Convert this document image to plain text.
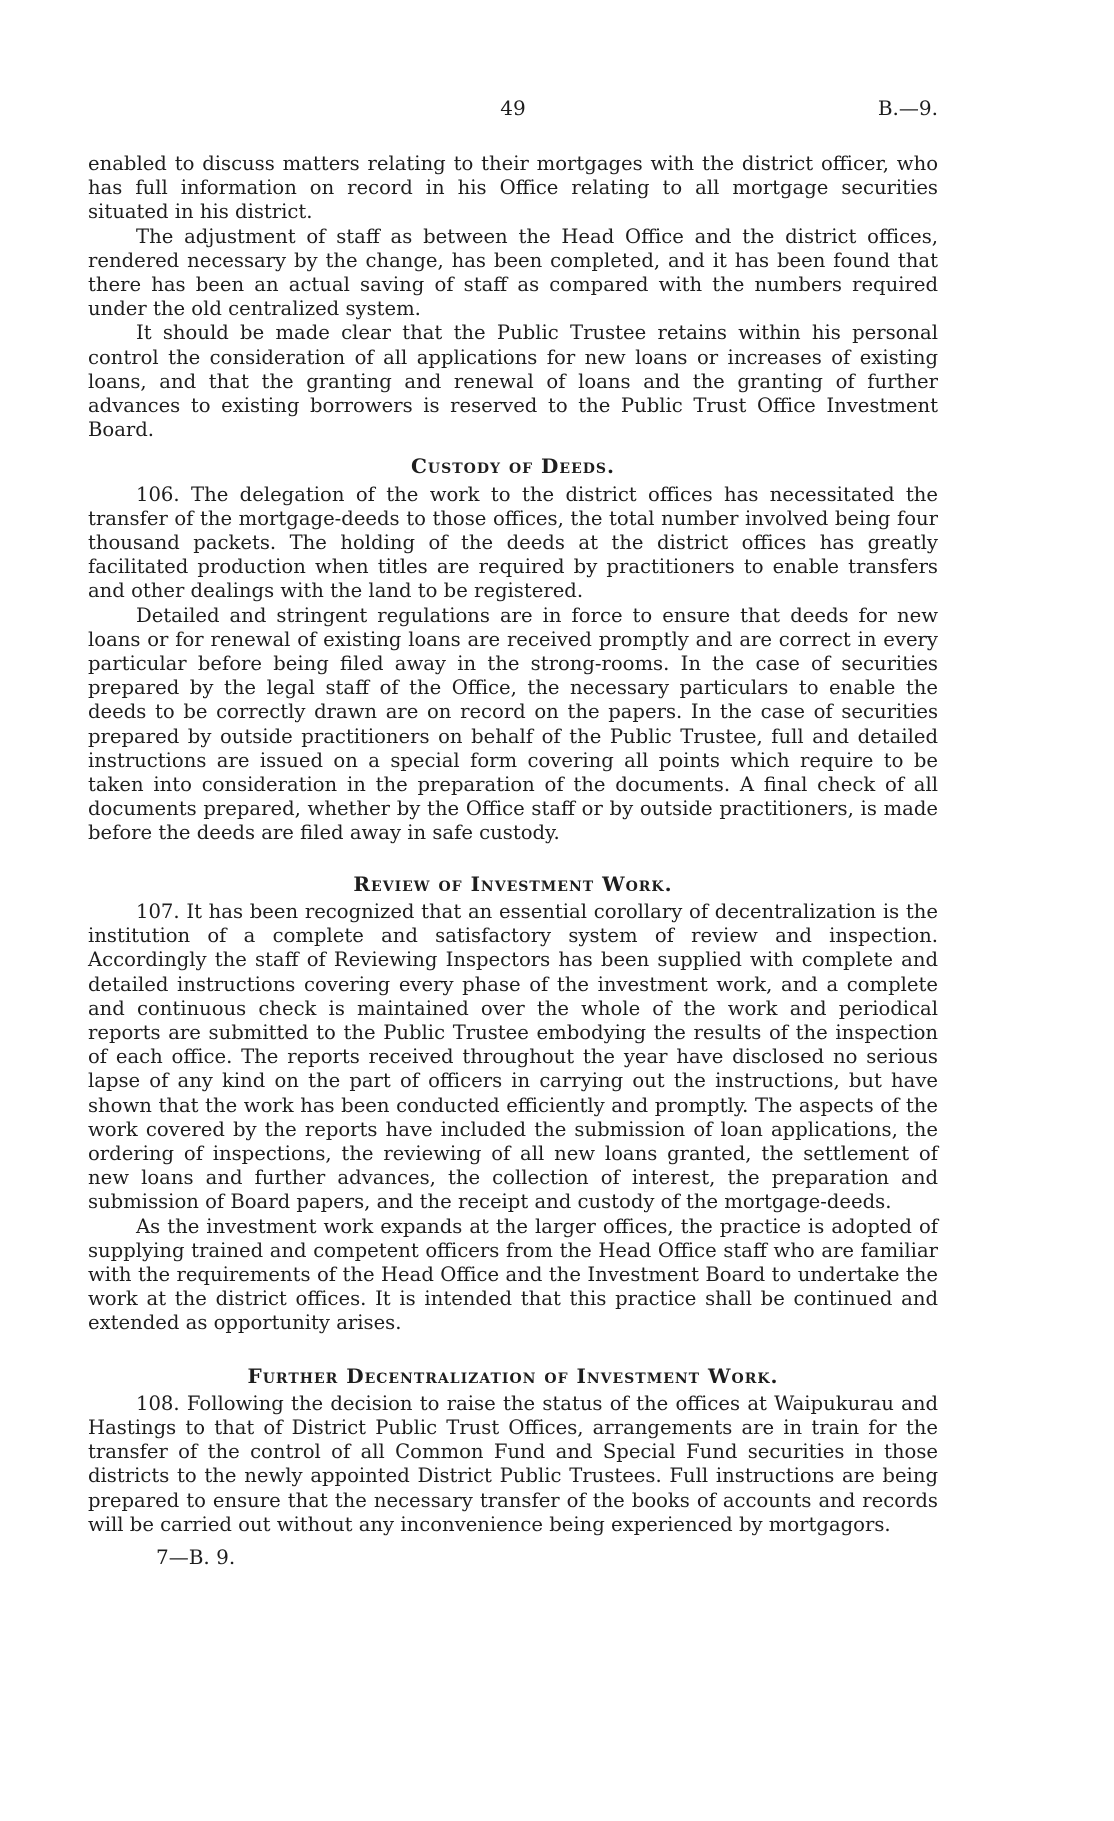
49	B.—9.

enabled to discuss matters relating to their mortgages with the district officer, who has full information on record in his Office relating to all mortgage securities situated in his district.

The adjustment of staff as between the Head Office and the district offices, rendered necessary by the change, has been completed, and it has been found that there has been an actual saving of staff as compared with the numbers required under the old centralized system.

It should be made clear that the Public Trustee retains within his personal control the consideration of all applications for new loans or increases of existing loans, and that the granting and renewal of loans and the granting of further advances to existing borrowers is reserved to the Public Trust Office Investment Board.

Custody of Deeds.

106. The delegation of the work to the district offices has necessitated the transfer of the mortgage-deeds to those offices, the total number involved being four thousand packets. The holding of the deeds at the district offices has greatly facilitated production when titles are required by practitioners to enable transfers and other dealings with the land to be registered.

Detailed and stringent regulations are in force to ensure that deeds for new loans or for renewal of existing loans are received promptly and are correct in every particular before being filed away in the strong-rooms. In the case of securities prepared by the legal staff of the Office, the necessary particulars to enable the deeds to be correctly drawn are on record on the papers. In the case of securities prepared by outside practitioners on behalf of the Public Trustee, full and detailed instructions are issued on a special form covering all points which require to be taken into consideration in the preparation of the documents. A final check of all documents prepared, whether by the Office staff or by outside practitioners, is made before the deeds are filed away in safe custody.

Review of Investment Work.

107. It has been recognized that an essential corollary of decentralization is the institution of a complete and satisfactory system of review and inspection. Accordingly the staff of Reviewing Inspectors has been supplied with complete and detailed instructions covering every phase of the investment work, and a complete and continuous check is maintained over the whole of the work and periodical reports are submitted to the Public Trustee embodying the results of the inspection of each office. The reports received throughout the year have disclosed no serious lapse of any kind on the part of officers in carrying out the instructions, but have shown that the work has been conducted efficiently and promptly. The aspects of the work covered by the reports have included the submission of loan applications, the ordering of inspections, the reviewing of all new loans granted, the settlement of new loans and further advances, the collection of interest, the preparation and submission of Board papers, and the receipt and custody of the mortgage-deeds.

As the investment work expands at the larger offices, the practice is adopted of supplying trained and competent officers from the Head Office staff who are familiar with the requirements of the Head Office and the Investment Board to undertake the work at the district offices. It is intended that this practice shall be continued and extended as opportunity arises.

Further Decentralization of Investment Work.

108. Following the decision to raise the status of the offices at Waipukurau and Hastings to that of District Public Trust Offices, arrangements are in train for the transfer of the control of all Common Fund and Special Fund securities in those districts to the newly appointed District Public Trustees. Full instructions are being prepared to ensure that the necessary transfer of the books of accounts and records will be carried out without any inconvenience being experienced by mortgagors.

7—B. 9.
